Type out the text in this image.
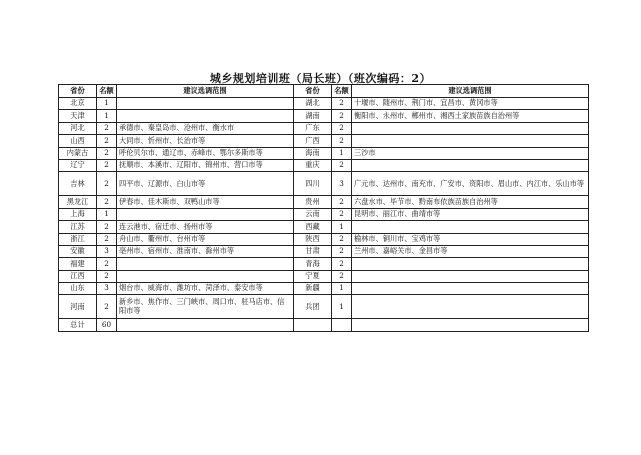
城乡规划培训班（局长班）（班次编码：2）
省份	名额	建议选调范围	省份	名额	建议选调范围
北京	1		湖北	2	十堰市、随州市、荆门市、宜昌市、黄冈市等
天津	1		湖南	2	衡阳市、永州市、郴州市、湘西土家族苗族自治州等
河北	2	承德市、秦皇岛市、沧州市、衡水市	广东	2	
山西	2	大同市、忻州市、长治市等	广西	2	
内蒙古	2	呼伦贝尔市、通辽市、赤峰市、鄂尔多斯市等	海南	1	三沙市
辽宁	2	抚顺市、本溪市、辽阳市、锦州市、营口市等	重庆	2	
吉林	2	四平市、辽源市、白山市等	四川	3	广元市、达州市、南充市、广安市、资阳市、眉山市、内江市、乐山市等
黑龙江	2	伊春市、佳木斯市、双鸭山市等	贵州	2	六盘水市、毕节市、黔南布依族苗族自治州等
上海	1		云南	2	昆明市、丽江市、曲靖市等
江苏	2	连云港市、宿迁市、扬州市等	西藏	1	
浙江	2	舟山市、衢州市、台州市等	陕西	2	榆林市、铜川市、宝鸡市等
安徽	3	亳州市、宿州市、淮南市、滁州市等	甘肃	2	兰州市、嘉峪关市、金昌市等
福建	2		青海	2	
江西	2		宁夏	2	
山东	3	烟台市、威海市、潍坊市、菏泽市、泰安市等	新疆	1	
河南	2	新乡市、焦作市、三门峡市、周口市、驻马店市、信阳市等	兵团	1	
总计	60				
